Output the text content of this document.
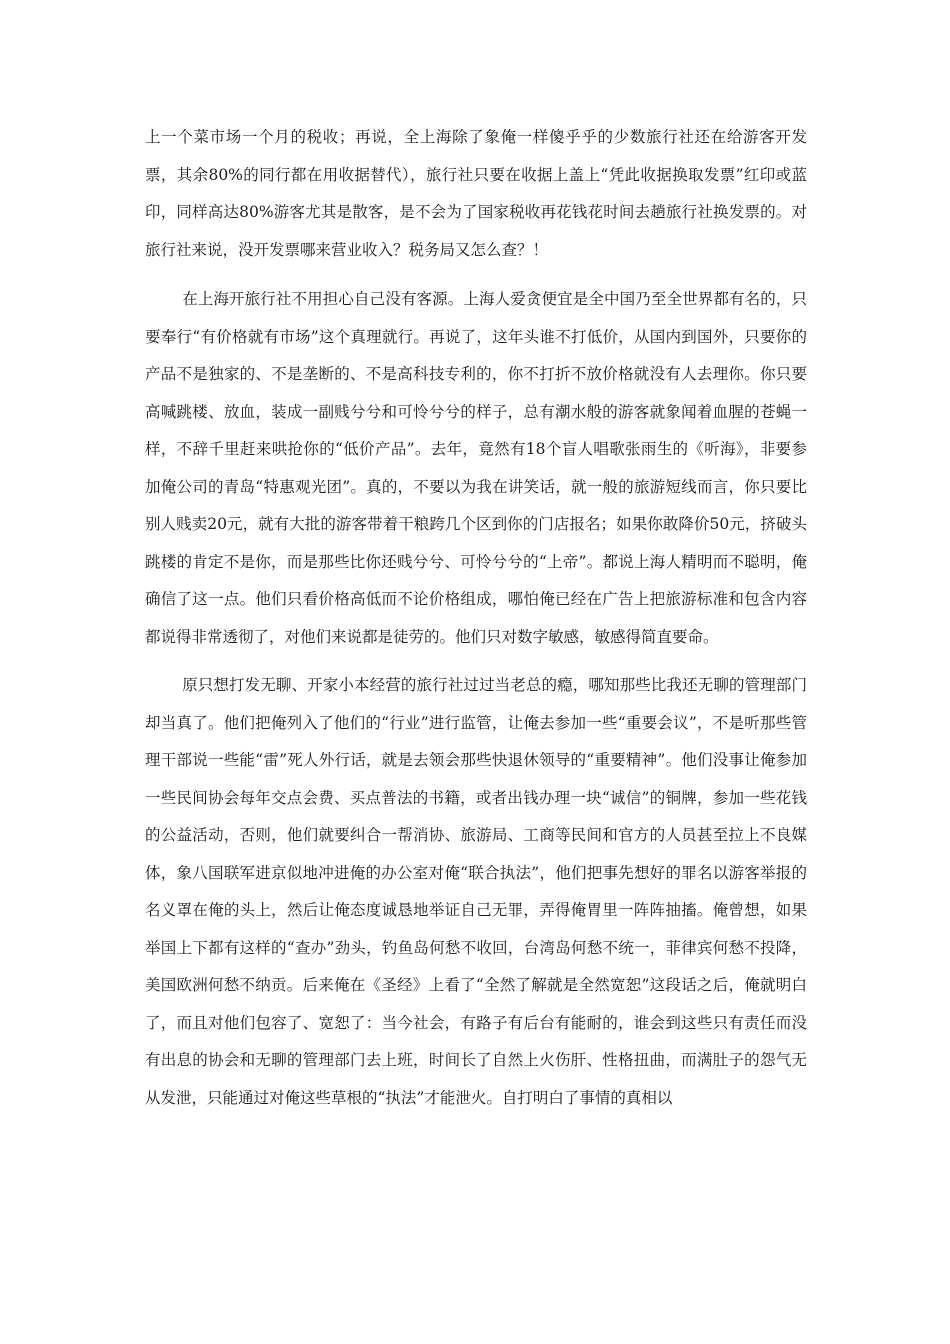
上一个菜市场一个月的税收；再说，全上海除了象俺一样傻乎乎的少数旅行社还在给游客开发票，其余80%的同行都在用收据替代），旅行社只要在收据上盖上“凭此收据换取发票”红印或蓝印，同样高达80%游客尤其是散客，是不会为了国家税收再花钱花时间去趟旅行社换发票的。对旅行社来说，没开发票哪来营业收入？税务局又怎么查？！

在上海开旅行社不用担心自己没有客源。上海人爱贪便宜是全中国乃至全世界都有名的，只要奉行“有价格就有市场”这个真理就行。再说了，这年头谁不打低价，从国内到国外，只要你的产品不是独家的、不是垄断的、不是高科技专利的，你不打折不放价格就没有人去理你。你只要高喊跳楼、放血，装成一副贱兮兮和可怜兮兮的样子，总有潮水般的游客就象闻着血腥的苍蝇一样，不辞千里赶来哄抢你的“低价产品”。去年，竟然有18个盲人唱歌张雨生的《听海》，非要参加俺公司的青岛“特惠观光团”。真的，不要以为我在讲笑话，就一般的旅游短线而言，你只要比别人贱卖20元，就有大批的游客带着干粮跨几个区到你的门店报名；如果你敢降价50元，挤破头跳楼的肯定不是你，而是那些比你还贱兮兮、可怜兮兮的“上帝”。都说上海人精明而不聪明，俺确信了这一点。他们只看价格高低而不论价格组成，哪怕俺已经在广告上把旅游标准和包含内容都说得非常透彻了，对他们来说都是徒劳的。他们只对数字敏感，敏感得简直要命。

原只想打发无聊、开家小本经营的旅行社过过当老总的瘾，哪知那些比我还无聊的管理部门却当真了。他们把俺列入了他们的“行业”进行监管，让俺去参加一些“重要会议”，不是听那些管理干部说一些能“雷”死人外行话，就是去领会那些快退休领导的“重要精神”。他们没事让俺参加一些民间协会每年交点会费、买点普法的书籍，或者出钱办理一块“诚信”的铜牌，参加一些花钱的公益活动，否则，他们就要纠合一帮消协、旅游局、工商等民间和官方的人员甚至拉上不良媒体，象八国联军进京似地冲进俺的办公室对俺“联合执法”，他们把事先想好的罪名以游客举报的名义罩在俺的头上，然后让俺态度诚恳地举证自己无罪，弄得俺胃里一阵阵抽搐。俺曾想，如果举国上下都有这样的“查办”劲头，钓鱼岛何愁不收回，台湾岛何愁不统一，菲律宾何愁不投降，美国欧洲何愁不纳贡。后来俺在《圣经》上看了“全然了解就是全然宽恕”这段话之后，俺就明白了，而且对他们包容了、宽恕了：当今社会，有路子有后台有能耐的，谁会到这些只有责任而没有出息的协会和无聊的管理部门去上班，时间长了自然上火伤肝、性格扭曲，而满肚子的怨气无从发泄，只能通过对俺这些草根的“执法”才能泄火。自打明白了事情的真相以
